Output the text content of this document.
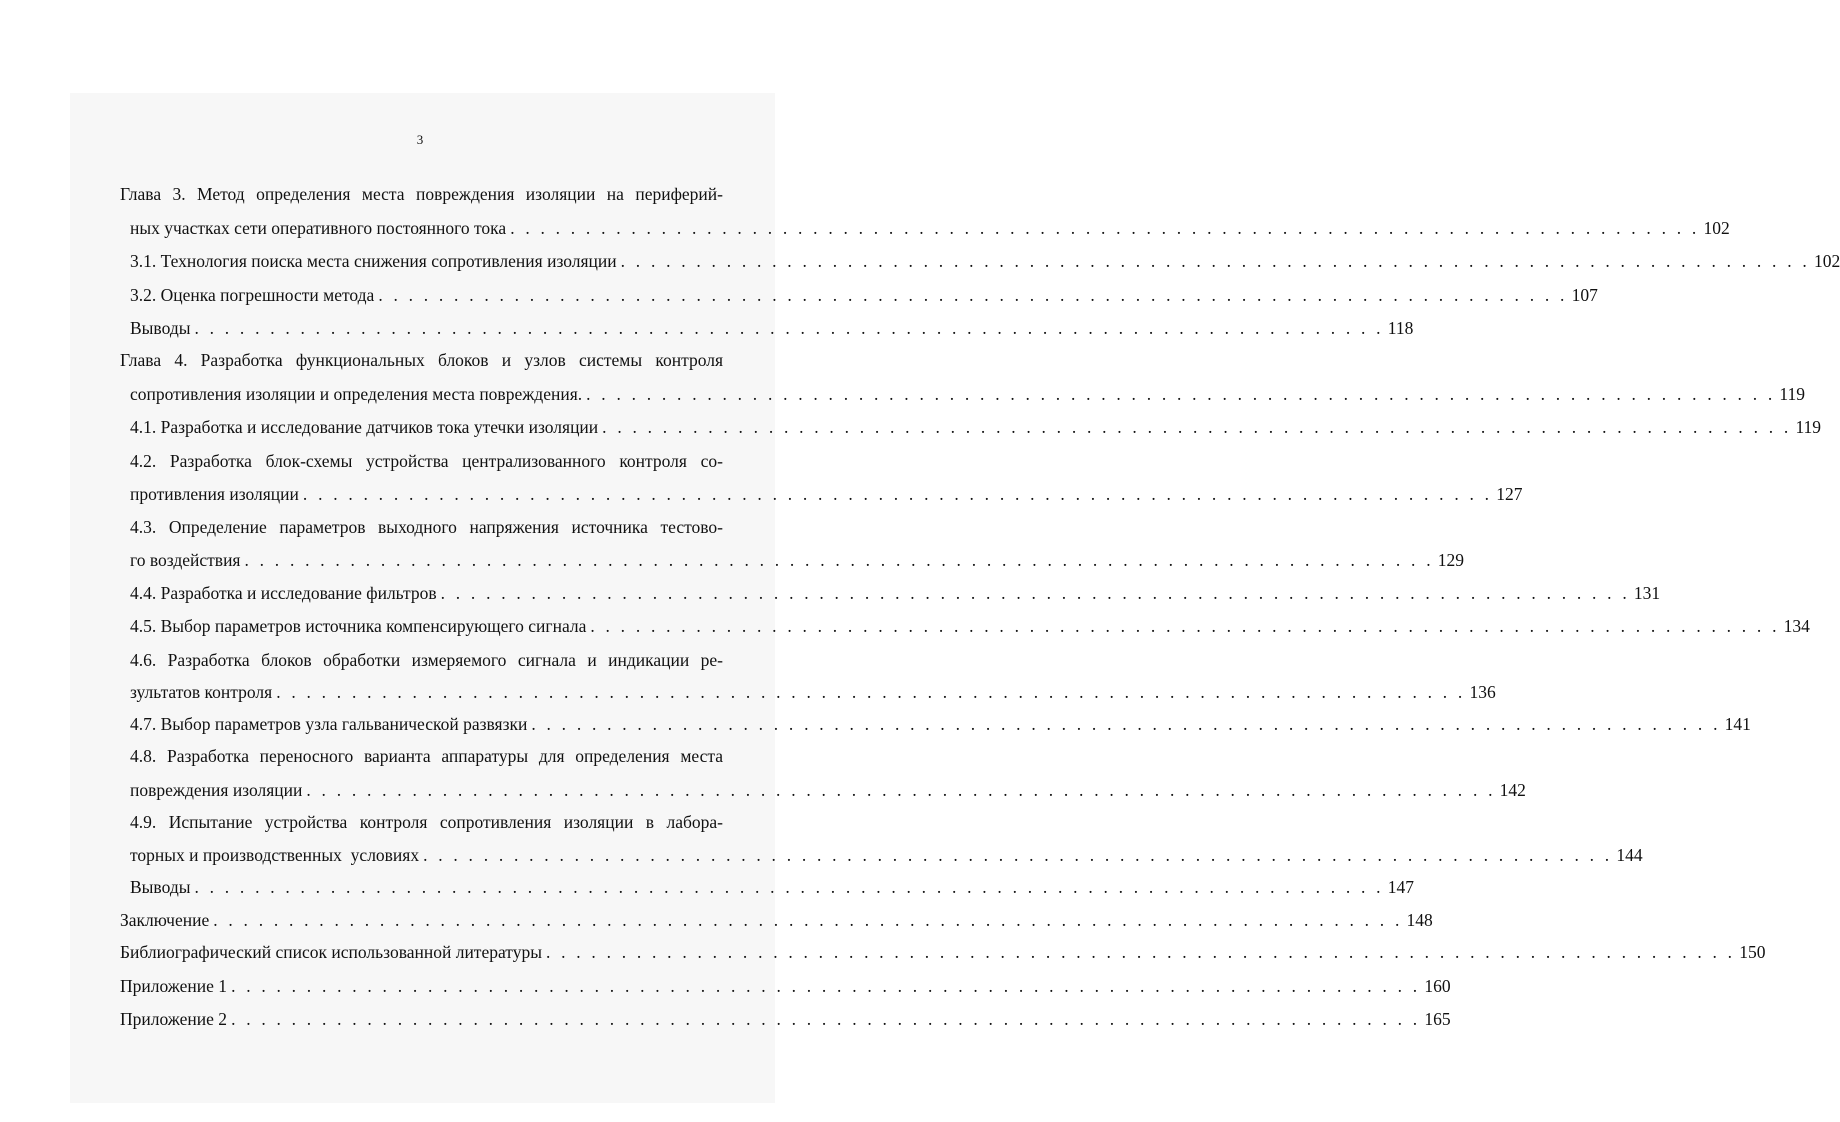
3
Глава 3. Метод определения места повреждения изоляции на периферий-
ных участках сети оперативного постоянного тока . . . . . . . . . . . . . . . . . . . . . . . . . . . . . . . . . . . . . . . . . . . . . . . . . . . . . . . . . . . . . . . . . . . . . . . . . . . . . . . 102
3.1. Технология поиска места снижения сопротивления изоляции . . . . . . . . . . . . . . . . . . . . . . . . . . . . . . . . . . . . . . . . . . . . . . . . . . . . . . . . . . . . . . . . . . . . . . . . . . . . . . . 102
3.2. Оценка погрешности метода . . . . . . . . . . . . . . . . . . . . . . . . . . . . . . . . . . . . . . . . . . . . . . . . . . . . . . . . . . . . . . . . . . . . . . . . . . . . . . . 107
Выводы . . . . . . . . . . . . . . . . . . . . . . . . . . . . . . . . . . . . . . . . . . . . . . . . . . . . . . . . . . . . . . . . . . . . . . . . . . . . . . . 118
Глава 4. Разработка функциональных блоков и узлов системы контроля
сопротивления изоляции и определения места повреждения. . . . . . . . . . . . . . . . . . . . . . . . . . . . . . . . . . . . . . . . . . . . . . . . . . . . . . . . . . . . . . . . . . . . . . . . . . . . . . . . 119
4.1. Разработка и исследование датчиков тока утечки изоляции . . . . . . . . . . . . . . . . . . . . . . . . . . . . . . . . . . . . . . . . . . . . . . . . . . . . . . . . . . . . . . . . . . . . . . . . . . . . . . . 119
4.2. Разработка блок-схемы устройства централизованного контроля со-
противления изоляции . . . . . . . . . . . . . . . . . . . . . . . . . . . . . . . . . . . . . . . . . . . . . . . . . . . . . . . . . . . . . . . . . . . . . . . . . . . . . . . 127
4.3. Определение параметров выходного напряжения источника тестово-
го воздействия . . . . . . . . . . . . . . . . . . . . . . . . . . . . . . . . . . . . . . . . . . . . . . . . . . . . . . . . . . . . . . . . . . . . . . . . . . . . . . . 129
4.4. Разработка и исследование фильтров . . . . . . . . . . . . . . . . . . . . . . . . . . . . . . . . . . . . . . . . . . . . . . . . . . . . . . . . . . . . . . . . . . . . . . . . . . . . . . . 131
4.5. Выбор параметров источника компенсирующего сигнала . . . . . . . . . . . . . . . . . . . . . . . . . . . . . . . . . . . . . . . . . . . . . . . . . . . . . . . . . . . . . . . . . . . . . . . . . . . . . . . 134
4.6. Разработка блоков обработки измеряемого сигнала и индикации ре-
зультатов контроля . . . . . . . . . . . . . . . . . . . . . . . . . . . . . . . . . . . . . . . . . . . . . . . . . . . . . . . . . . . . . . . . . . . . . . . . . . . . . . . 136
4.7. Выбор параметров узла гальванической развязки . . . . . . . . . . . . . . . . . . . . . . . . . . . . . . . . . . . . . . . . . . . . . . . . . . . . . . . . . . . . . . . . . . . . . . . . . . . . . . . 141
4.8. Разработка переносного варианта аппаратуры для определения места
повреждения изоляции . . . . . . . . . . . . . . . . . . . . . . . . . . . . . . . . . . . . . . . . . . . . . . . . . . . . . . . . . . . . . . . . . . . . . . . . . . . . . . . 142
4.9. Испытание устройства контроля сопротивления изоляции в лабора-
торных и производственных  условиях . . . . . . . . . . . . . . . . . . . . . . . . . . . . . . . . . . . . . . . . . . . . . . . . . . . . . . . . . . . . . . . . . . . . . . . . . . . . . . . 144
Выводы . . . . . . . . . . . . . . . . . . . . . . . . . . . . . . . . . . . . . . . . . . . . . . . . . . . . . . . . . . . . . . . . . . . . . . . . . . . . . . . 147
Заключение . . . . . . . . . . . . . . . . . . . . . . . . . . . . . . . . . . . . . . . . . . . . . . . . . . . . . . . . . . . . . . . . . . . . . . . . . . . . . . . 148
Библиографический список использованной литературы . . . . . . . . . . . . . . . . . . . . . . . . . . . . . . . . . . . . . . . . . . . . . . . . . . . . . . . . . . . . . . . . . . . . . . . . . . . . . . . 150
Приложение 1 . . . . . . . . . . . . . . . . . . . . . . . . . . . . . . . . . . . . . . . . . . . . . . . . . . . . . . . . . . . . . . . . . . . . . . . . . . . . . . . 160
Приложение 2 . . . . . . . . . . . . . . . . . . . . . . . . . . . . . . . . . . . . . . . . . . . . . . . . . . . . . . . . . . . . . . . . . . . . . . . . . . . . . . . 165
